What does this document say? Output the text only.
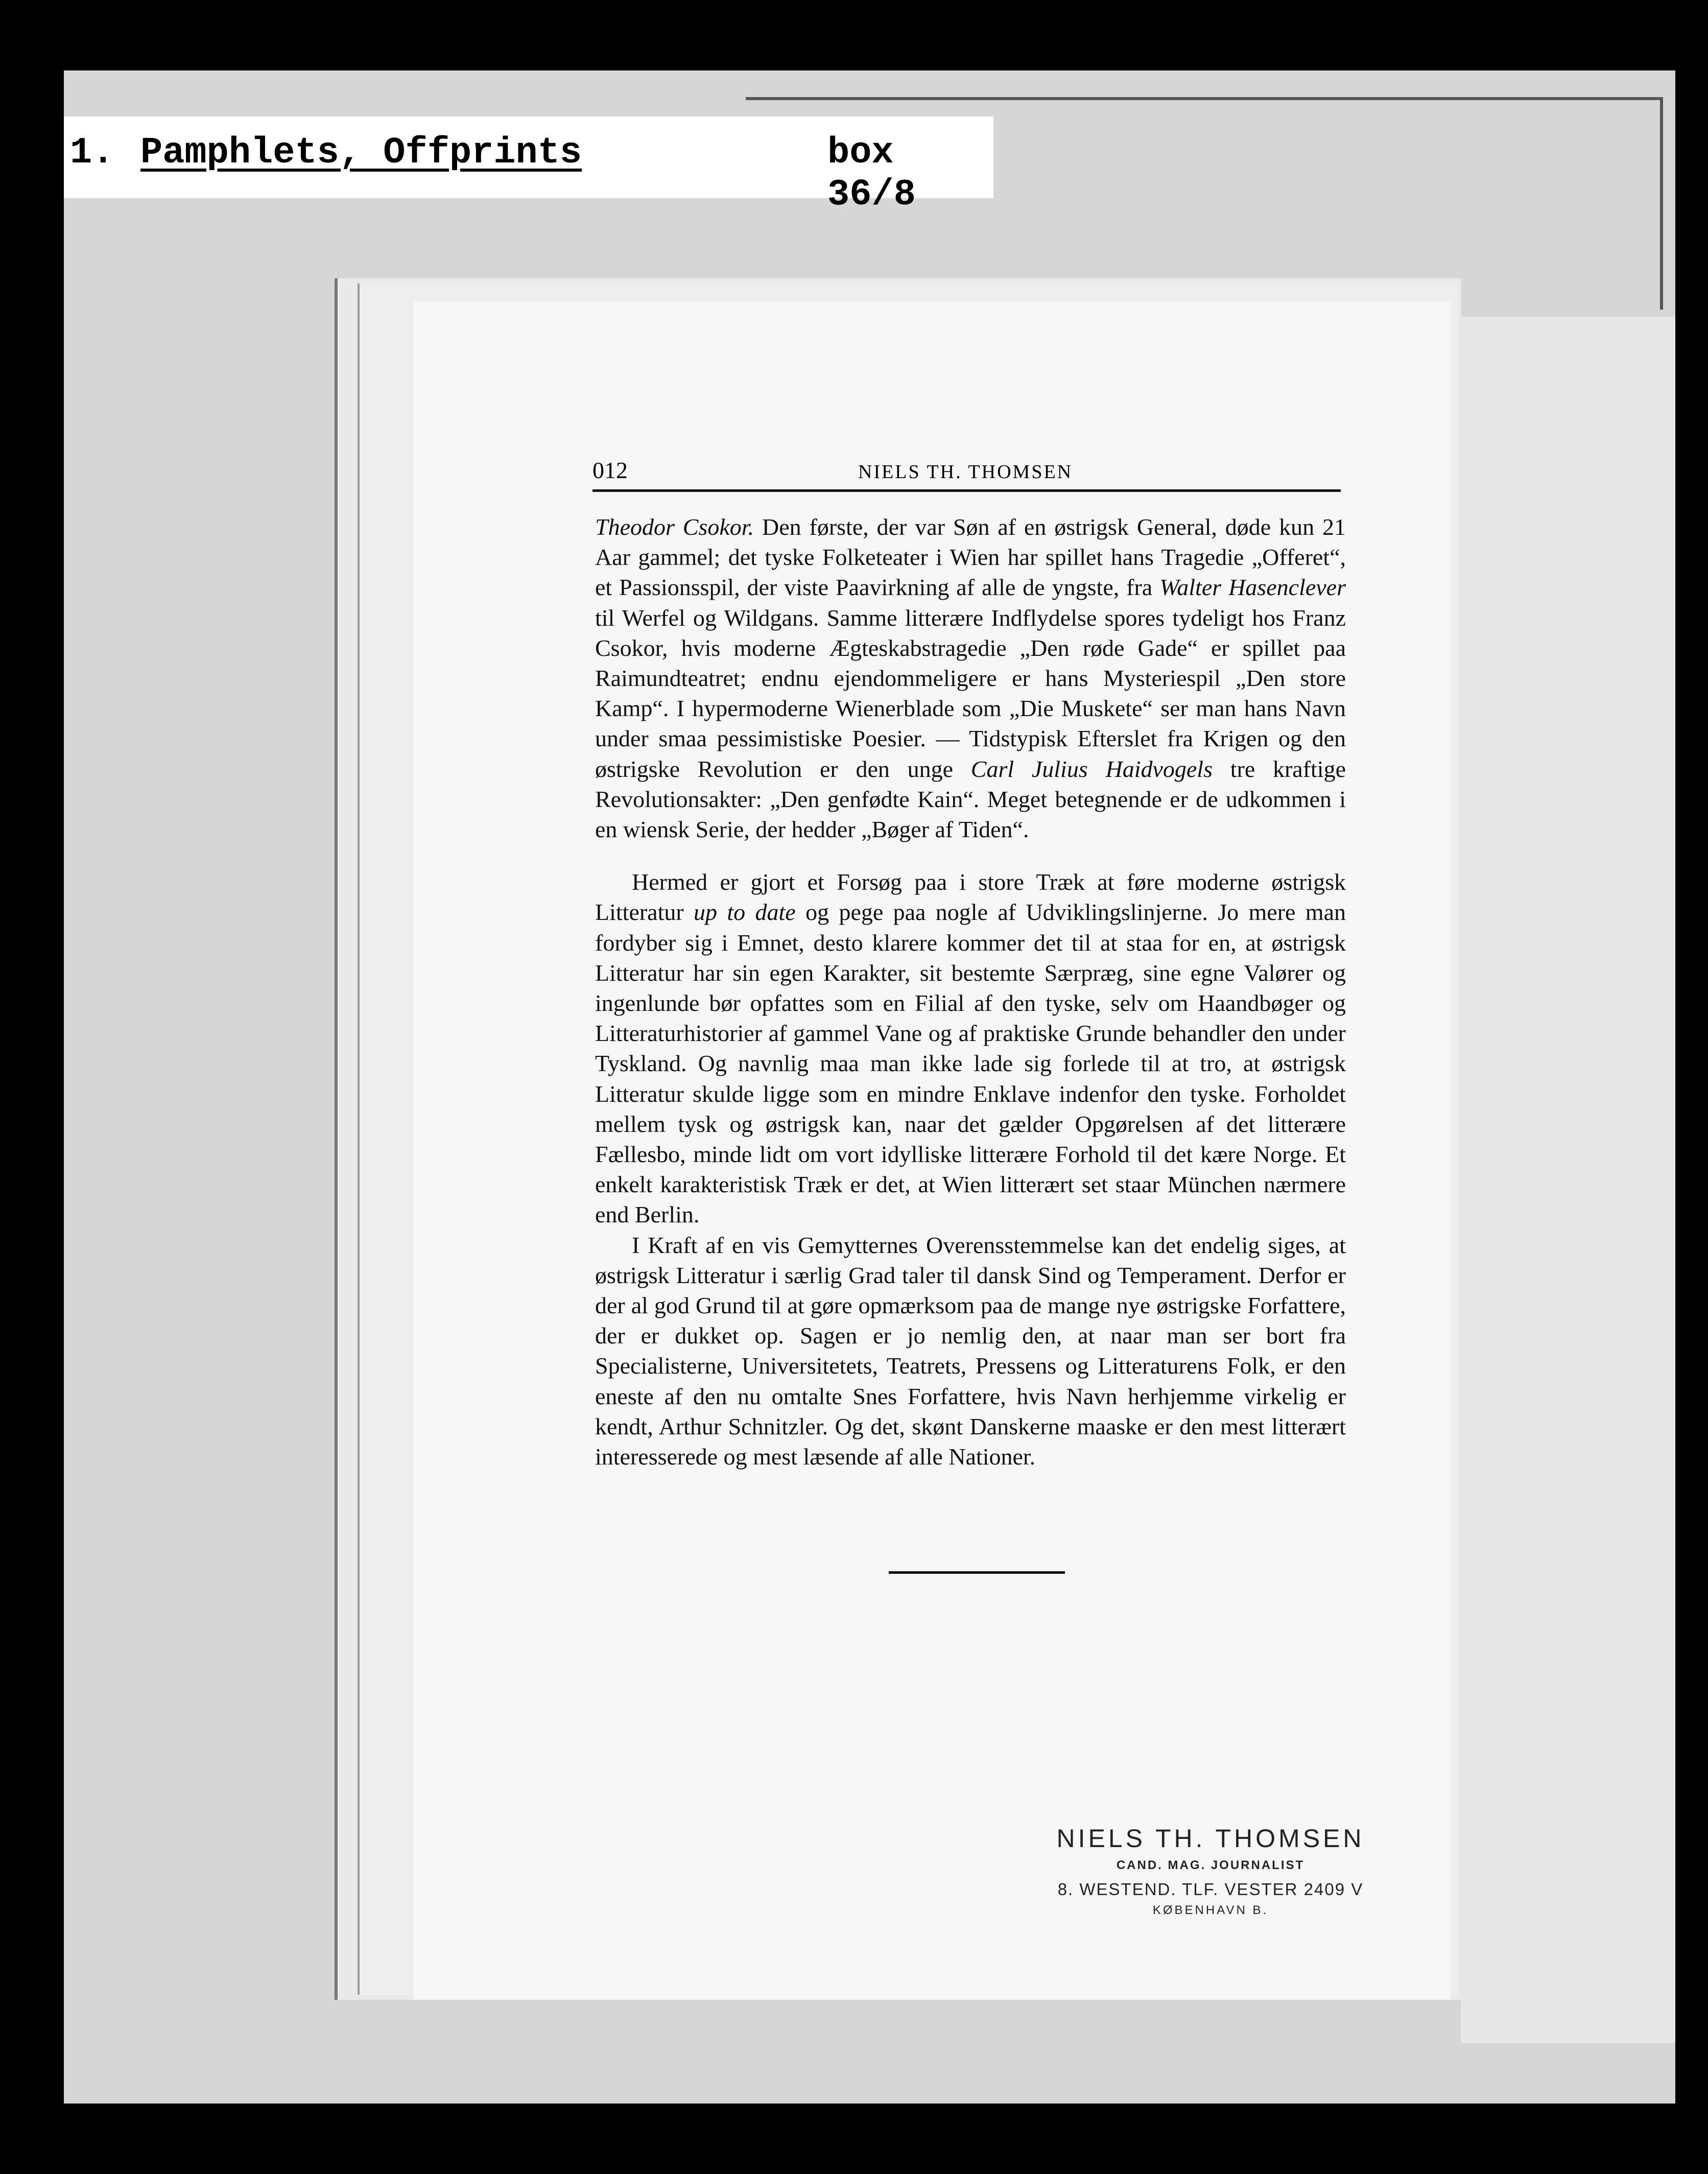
1. Pamphlets, Offprints	box 36/8
012	NIELS TH. THOMSEN

Theodor Csokor. Den første, der var Søn af en østrigsk General, døde kun 21 Aar gammel; det tyske Folketeater i Wien har spillet hans Tragedie „Offeret“, et Passionsspil, der viste Paavirkning af alle de yngste, fra Walter Hasenclever til Werfel og Wildgans. Samme litterære Indflydelse spores tydeligt hos Franz Csokor, hvis moderne Ægteskabstragedie „Den røde Gade“ er spillet paa Raimundteatret; endnu ejendommeligere er hans Mysteriespil „Den store Kamp“. I hypermoderne Wienerblade som „Die Muskete“ ser man hans Navn under smaa pessimistiske Poesier. — Tidstypisk Efterslet fra Krigen og den østrigske Revolution er den unge Carl Julius Haidvogels tre kraftige Revolutionsakter: „Den genfødte Kain“. Meget betegnende er de udkommen i en wiensk Serie, der hedder „Bøger af Tiden“.

Hermed er gjort et Forsøg paa i store Træk at føre moderne østrigsk Litteratur up to date og pege paa nogle af Udviklingslinjerne. Jo mere man fordyber sig i Emnet, desto klarere kommer det til at staa for en, at østrigsk Litteratur har sin egen Karakter, sit bestemte Særpræg, sine egne Valører og ingenlunde bør opfattes som en Filial af den tyske, selv om Haandbøger og Litteraturhistorier af gammel Vane og af praktiske Grunde behandler den under Tyskland. Og navnlig maa man ikke lade sig forlede til at tro, at østrigsk Litteratur skulde ligge som en mindre Enklave indenfor den tyske. Forholdet mellem tysk og østrigsk kan, naar det gælder Opgørelsen af det litterære Fællesbo, minde lidt om vort idylliske litterære Forhold til det kære Norge. Et enkelt karakteristisk Træk er det, at Wien litterært set staar München nærmere end Berlin.

I Kraft af en vis Gemytternes Overensstemmelse kan det endelig siges, at østrigsk Litteratur i særlig Grad taler til dansk Sind og Temperament. Derfor er der al god Grund til at gøre opmærksom paa de mange nye østrigske Forfattere, der er dukket op. Sagen er jo nemlig den, at naar man ser bort fra Specialisterne, Universitetets, Teatrets, Pressens og Litteraturens Folk, er den eneste af den nu omtalte Snes Forfattere, hvis Navn herhjemme virkelig er kendt, Arthur Schnitzler. Og det, skønt Danskerne maaske er den mest litterært interesserede og mest læsende af alle Nationer.

NIELS TH. THOMSEN
CAND. MAG. JOURNALIST
8. WESTEND. TLF. VESTER 2409 V
KØBENHAVN B.
